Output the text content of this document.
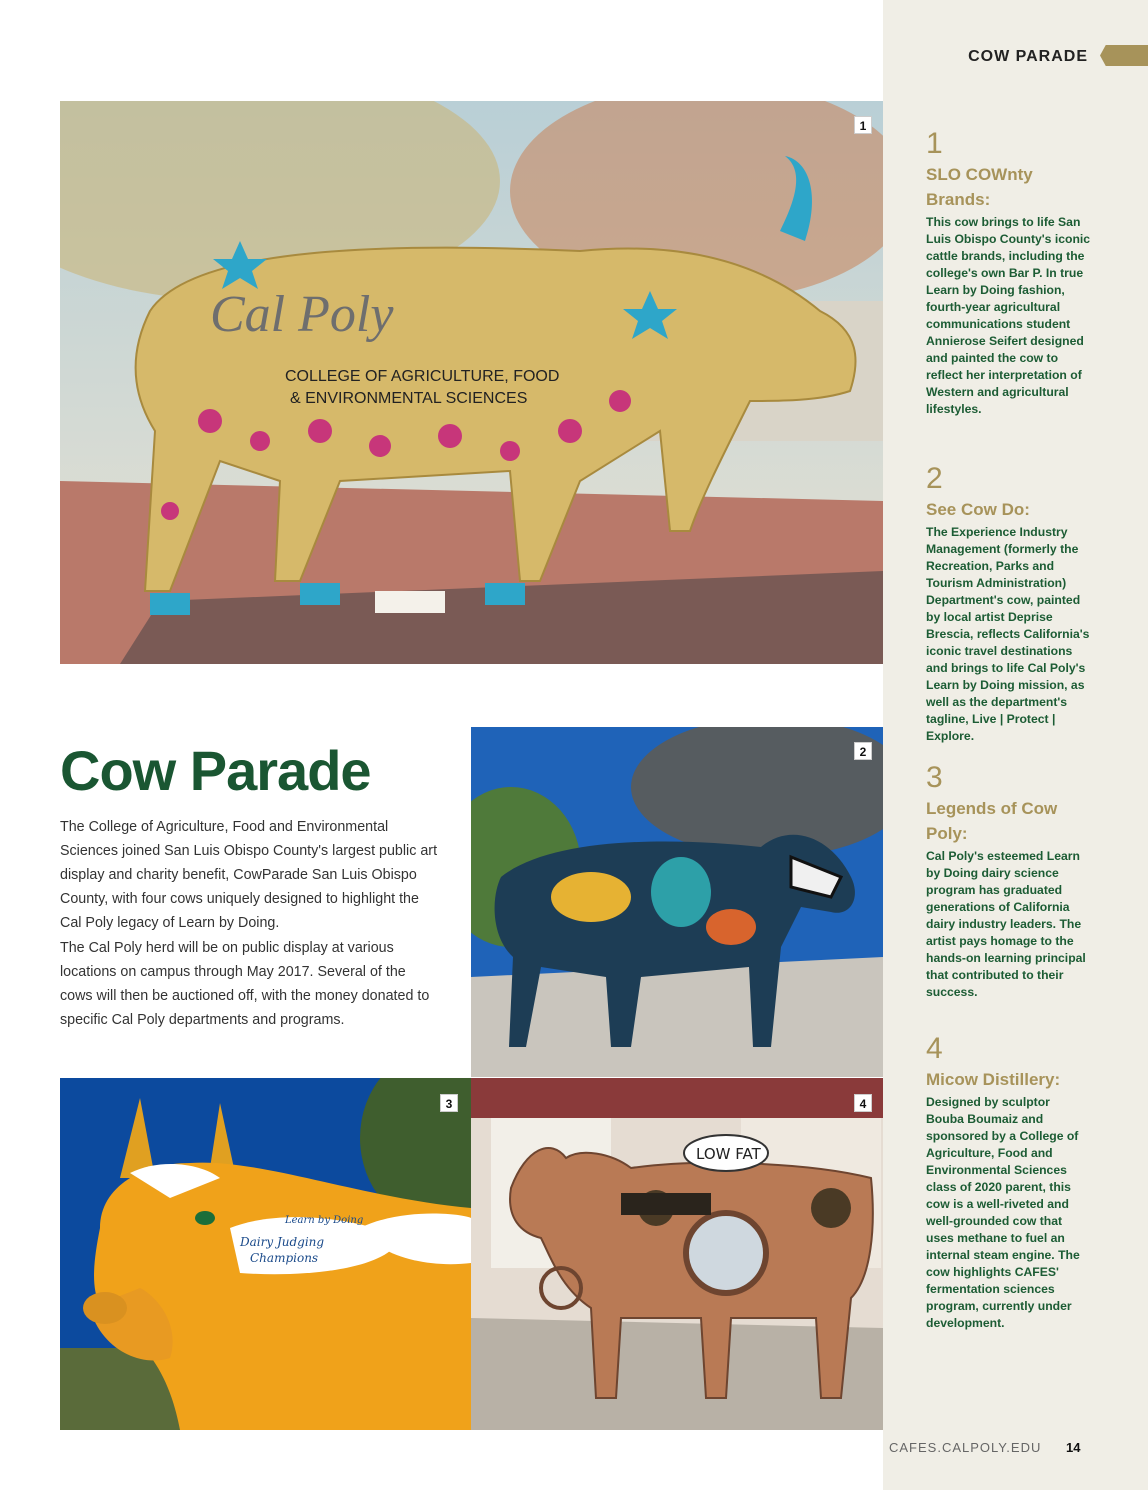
COW PARADE
1
SLO COWnty Brands:
This cow brings to life San Luis Obispo County's iconic cattle brands, including the college's own Bar P. In true Learn by Doing fashion, fourth-year agricultural communications student Annierose Seifert designed and painted the cow to reflect her interpretation of Western and agricultural lifestyles.
2
See Cow Do:
The Experience Industry Management (formerly the Recreation, Parks and Tourism Administration) Department's cow, painted by local artist Deprise Brescia, reflects California's iconic travel destinations and brings to life Cal Poly's Learn by Doing mission, as well as the department's tagline, Live | Protect | Explore.
3
Legends of Cow Poly:
Cal Poly's esteemed Learn by Doing dairy science program has graduated generations of California dairy industry leaders. The artist pays homage to the hands-on learning principal that contributed to their success.
4
Micow Distillery:
Designed by sculptor Bouba Boumaiz and sponsored by a College of Agriculture, Food and Environmental Sciences class of 2020 parent, this cow is a well-riveted and well-grounded cow that uses methane to fuel an internal steam engine. The cow highlights CAFES' fermentation sciences program, currently under development.
Cal Poly
COLLEGE OF AGRICULTURE, FOOD
& ENVIRONMENTAL SCIENCES
1
Cow Parade

The College of Agriculture, Food and Environmental Sciences joined San Luis Obispo County's largest public art display and charity benefit, CowParade San Luis Obispo County, with four cows uniquely designed to highlight the Cal Poly legacy of Learn by Doing.

The Cal Poly herd will be on public display at various locations on campus through May 2017. Several of the cows will then be auctioned off, with the money donated to specific Cal Poly departments and programs.

2
Dairy Judging
Champions
Learn by Doing
3
LOW FAT
4
CAFES.CALPOLY.EDU 14
